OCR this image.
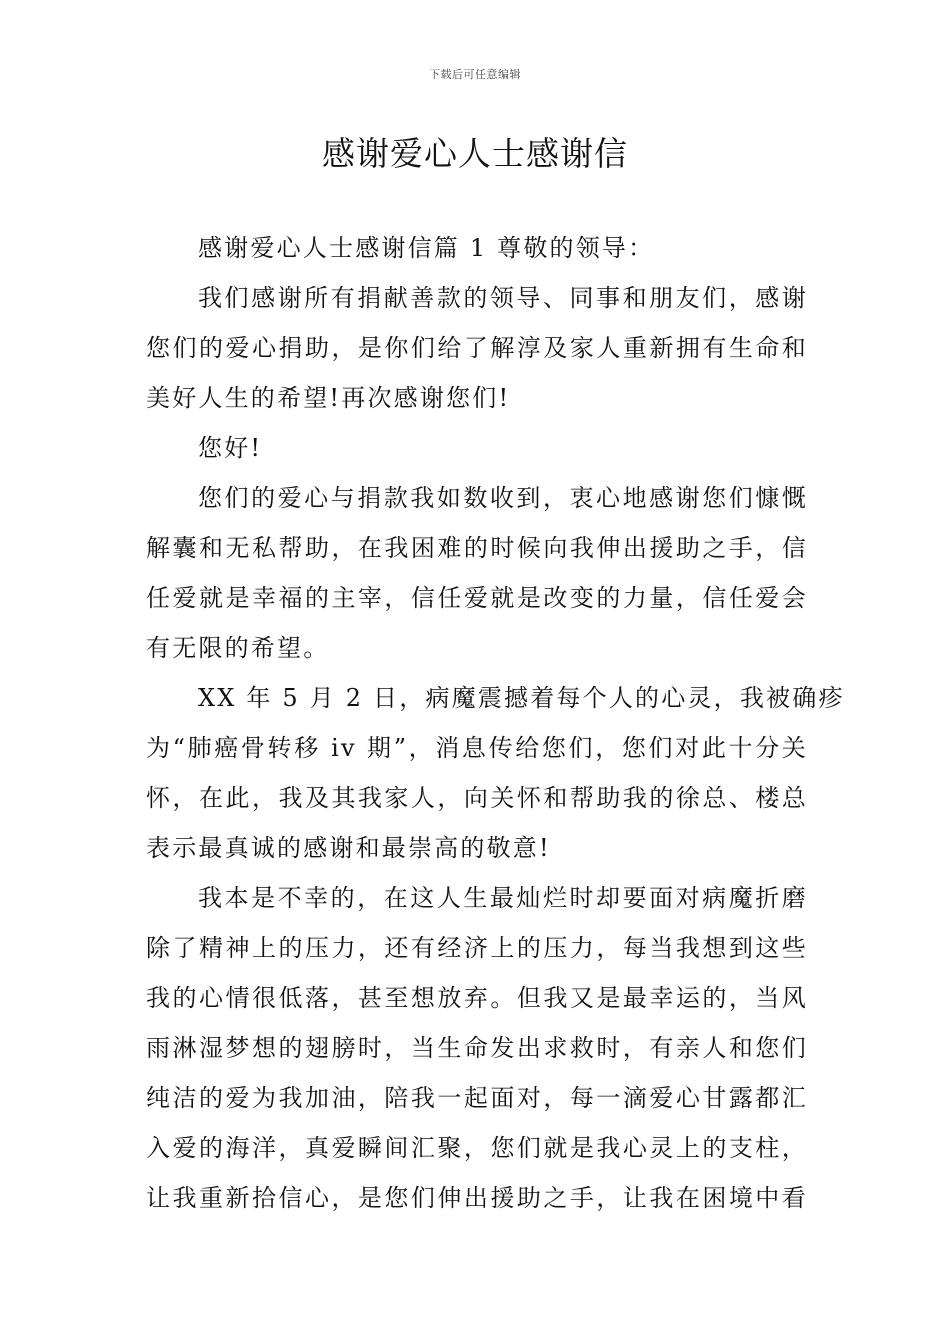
下载后可任意编辑
感谢爱心人士感谢信
感谢爱心人士感谢信篇 1 尊敬的领导：
我们感谢所有捐献善款的领导、同事和朋友们，感谢
您们的爱心捐助，是你们给了解淳及家人重新拥有生命和
美好人生的希望!再次感谢您们!
您好!
您们的爱心与捐款我如数收到，衷心地感谢您们慷慨
解囊和无私帮助，在我困难的时候向我伸出援助之手，信
任爱就是幸福的主宰，信任爱就是改变的力量，信任爱会
有无限的希望。
XX 年 5 月 2 日，病魔震撼着每个人的心灵，我被确疹
为“肺癌骨转移 iv 期”，消息传给您们，您们对此十分关
怀，在此，我及其我家人，向关怀和帮助我的徐总、楼总
表示最真诚的感谢和最崇高的敬意!
我本是不幸的，在这人生最灿烂时却要面对病魔折磨
除了精神上的压力，还有经济上的压力，每当我想到这些
我的心情很低落，甚至想放弃。但我又是最幸运的，当风
雨淋湿梦想的翅膀时，当生命发出求救时，有亲人和您们
纯洁的爱为我加油，陪我一起面对，每一滴爱心甘露都汇
入爱的海洋，真爱瞬间汇聚，您们就是我心灵上的支柱，
让我重新拾信心，是您们伸出援助之手，让我在困境中看
